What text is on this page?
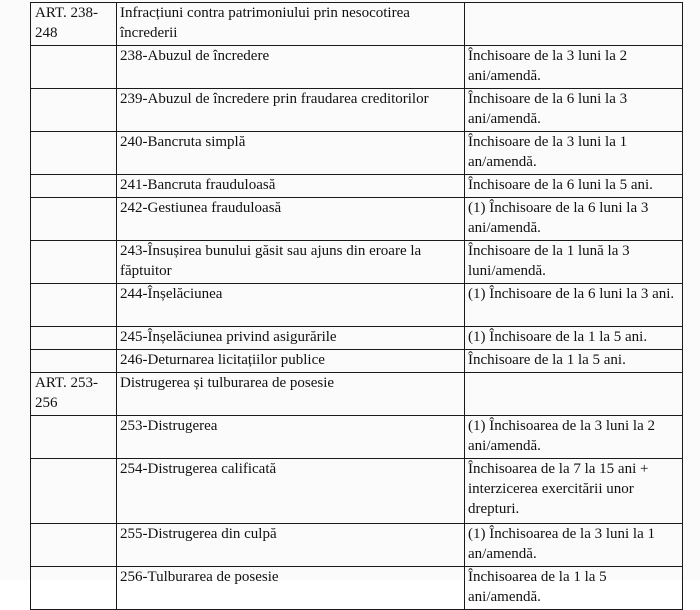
ART. 238-248	Infracțiuni contra patrimoniului prin nesocotirea încrederii	
	238-Abuzul de încredere	Închisoare de la 3 luni la 2 ani/amendă.
	239-Abuzul de încredere prin fraudarea creditorilor	Închisoare de la 6 luni la 3 ani/amendă.
	240-Bancruta simplă	Închisoare de la 3 luni la 1 an/amendă.
	241-Bancruta frauduloasă	Închisoare de la 6 luni la 5 ani.
	242-Gestiunea frauduloasă	(1) Închisoare de la 6 luni la 3 ani/amendă.
	243-Însușirea bunului găsit sau ajuns din eroare la făptuitor	Închisoare de la 1 lună la 3 luni/amendă.
	244-Înșelăciunea	(1) Închisoare de la 6 luni la 3 ani.
	245-Înșelăciunea privind asigurările	(1) Închisoare de la 1 la 5 ani.
	246-Deturnarea licitațiilor publice	Închisoare de la 1 la 5 ani.
ART. 253-256	Distrugerea și tulburarea de posesie	
	253-Distrugerea	(1) Închisoarea de la 3 luni la 2 ani/amendă.
	254-Distrugerea calificată	Închisoarea de la 7 la 15 ani + interzicerea exercitării unor drepturi.
	255-Distrugerea din culpă	(1) Închisoarea de la 3 luni la 1 an/amendă.
	256-Tulburarea de posesie	Închisoarea de la 1 la 5 ani/amendă.
